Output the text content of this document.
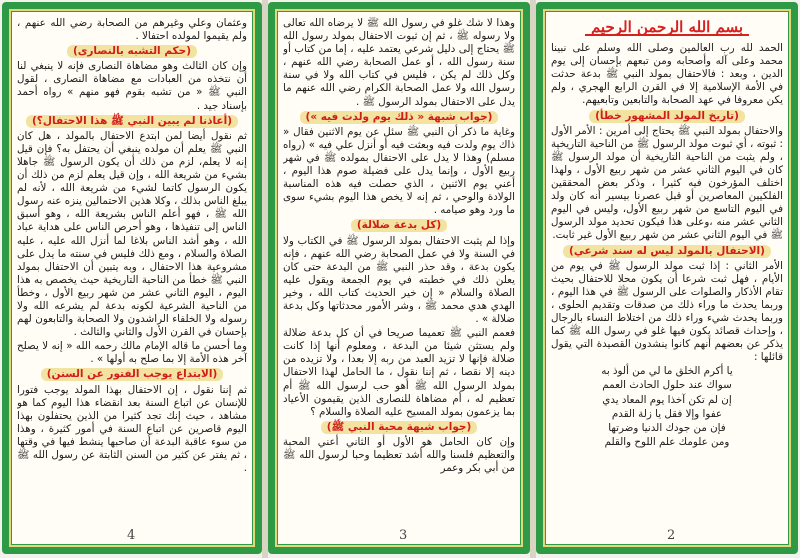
وعثمان وعلي وغيرهم من الصحابة رضي الله عنهم ، ولم يقيموا لمولده احتفالا .

(حكم التشبه بالنصارى)

وإن كان الثالث وهو مضاهاة النصارى فإنه لا ينبغي لنا أن نتخذه من العبادات مع مضاهاة النصارى ، لقول النبي ﷺ « من تشبه بقوم فهو منهم » رواه أحمد بإسناد جيد .

(أعاذنا لم يبين النبي ﷺ هذا الاحتفال؟)

ثم نقول أيضا لمن ابتدع الاحتفال بالمولد ، هل كان النبي ﷺ يعلم أن مولده ينبغي أن يحتفل به؟ فإن قيل إنه لا يعلم، لزم من ذلك أن يكون الرسول ﷺ جاهلا بشيء من شريعة الله ، وإن قيل يعلم لزم من ذلك أن يكون الرسول كاتما لشيء من شريعة الله ، لأنه لم يبلغ الناس بذلك ، وكلا هذين الاحتمالين ينزه عنه رسول الله ﷺ ، فهو أعلم الناس بشريعة الله ، وهو أسبق الناس إلى تنفيذها ، وهو أحرص الناس على هداية عباد الله ، وهو أشد الناس بلاغا لما أنزل الله عليه ، عليه الصلاة والسلام ، ومع ذلك فليس في سنته ما يدل على مشروعية هذا الاحتفال ، وبه يتبين أن الاحتفال بمولد النبي ﷺ خطأ من الناحية التاريخية حيث يخصص به هذا اليوم ، اليوم الثاني عشر من شهر ربيع الأول ، وخطأ من الناحية الشرعية لكونه بدعة لم يشرعه الله ولا رسوله ولا الخلفاء الراشدون ولا الصحابة والتابعون لهم بإحسان في القرن الأول والثاني والثالث .

وما أحسن ما قاله الإمام مالك رحمه الله « إنه لا يصلح آخر هذه الأمة إلا بما صلح به أولها » .

(الابتداع يوجب الفتور عن السنن)

ثم إننا نقول ، إن الاحتفال بهذا المولد يوجب فتورا للإنسان عن اتباع السنة بعد انقضاء هذا اليوم كما هو مشاهد ، حيث إنك تجد كثيرا من الذين يحتفلون بهذا اليوم قاصرين عن اتباع السنة في أمور كثيرة ، وهذا من سوء عاقبة البدعة أن صاحبها ينشط فيها في وقتها ، ثم يفتر عن كثير من السنن الثابتة عن رسول الله ﷺ .

4

وهذا لا شك غلو في رسول الله ﷺ لا يرضاه الله تعالى ولا رسوله ﷺ ، ثم إن ثبوت الاحتفال بمولد رسول الله ﷺ يحتاج إلى دليل شرعي يعتمد عليه ، إما من كتاب أو سنة رسول الله ، أو عمل الصحابة رضي الله عنهم ، وكل ذلك لم يكن ، فليس في كتاب الله ولا في سنة رسول الله ولا عمل الصحابة الكرام رضي الله عنهم ما يدل على الاحتفال بمولد الرسول ﷺ .

(جواب شبهة « ذلك يوم ولدت فيه »)

وغاية ما ذكر أن النبي ﷺ سئل عن يوم الاثنين فقال « ذاك يوم ولدت فيه وبعثت فيه أو أنزل علي فيه » (رواه مسلم) وهذا لا يدل على الاحتفال بمولده ﷺ في شهر ربيع الأول ، وإنما يدل على فضيلة صوم هذا اليوم ، أعني يوم الاثنين ، الذي حصلت فيه هذه المناسبة الولادة والوحي ، ثم إنه لا يخص هذا اليوم بشيء سوى ما ورد وهو صيامه .

(كل بدعة ضلالة)

وإذا لم يثبت الاحتفال بمولد الرسول ﷺ في الكتاب ولا في السنة ولا في عمل الصحابة رضي الله عنهم ، فإنه يكون بدعة ، وقد حذر النبي ﷺ من البدعة حتى كان يعلن ذلك في خطبته في يوم الجمعة ويقول عليه الصلاة والسلام « إن خير الحديث كتاب الله ، وخير الهدي هدي محمد ﷺ ، وشر الأمور محدثاتها وكل بدعة ضلالة » .

فعمم النبي ﷺ تعميما صريحا في أن كل بدعة ضلالة ولم يستثن شيئا من البدعة ، ومعلوم أنها إذا كانت ضلالة فإنها لا تزيد العبد من ربه إلا بعدا ، ولا تزيده من دينه إلا نقصا ، ثم إننا نقول ، ما الحامل لهذا الاحتفال بمولد الرسول الله ﷺ أهو حب لرسول الله ﷺ أم تعظيم له ، أم مضاهاة للنصارى الذين يقيمون الأعياد بما يزعمون بمولد المسيح عليه الصلاة والسلام ؟

(جواب شبهة محبة النبي ﷺ)

وإن كان الحامل هو الأول أو الثاني أعني المحبة والتعظيم فلسنا والله أشد تعظيما وحبا لرسول الله ﷺ من أبي بكر وعمر

3
بسم الله الرحمن الرحيم

الحمد لله رب العالمين وصلى الله وسلم على نبينا محمد وعلى آله وأصحابه ومن تبعهم بإحسان إلى يوم الدين ، وبعد : فالاحتفال بمولد النبي ﷺ بدعة حدثت في الأمة الإسلامية إلا في القرن الرابع الهجري ، ولم يكن معروفا في عهد الصحابة والتابعين وتابعيهم.

(تاريخ المولد المشهور خطأ)

والاحتفال بمولد النبي ﷺ يحتاج إلى أمرين : الأمر الأول : ثبوته ، أي ثبوت مولد الرسول ﷺ من الناحية التاريخية ، ولم يثبت من الناحية التاريخية أن مولد الرسول ﷺ كان في اليوم الثاني عشر من شهر ربيع الأول ، ولهذا اختلف المؤرخون فيه كثيرا ، وذكر بعض المحققين الفلكيين المعاصرين أو قبل عصرنا بيسير أنه كان ولد في اليوم التاسع من شهر ربيع الأول، وليس في اليوم الثاني عشر منه ،وعلى هذا فيكون تحديد مولد الرسول ﷺ في اليوم الثاني عشر من شهر ربيع الأول غير ثابت.

(الاحتفال بالمولد ليس له سند شرعي)

الأمر الثاني : إذا ثبت مولد الرسول ﷺ في يوم من الأيام ، فهل ثبت شرعا أن يكون محلا للاحتفال بحيث تقام الأذكار والصلوات على الرسول ﷺ في هذا اليوم ، وربما يحدث ما وراء ذلك من صدقات وتقديم الحلوى ، وربما يحدث شيء وراء ذلك من اختلاط النساء بالرجال ، وإحداث قصائد يكون فيها غلو في رسول الله ﷺ كما يذكر عن بعضهم أنهم كانوا ينشدون القصيدة التي يقول قائلها :

يا أكرم الخلق ما لي من ألوذ به

سواك عند حلول الحادث العمم

إن لم تكن آخذا يوم المعاد يدي

عفوا وإلا فقل يا زلة القدم

فإن من جودك الدنيا وضرتها

ومن علومك علم اللوح والقلم

2
